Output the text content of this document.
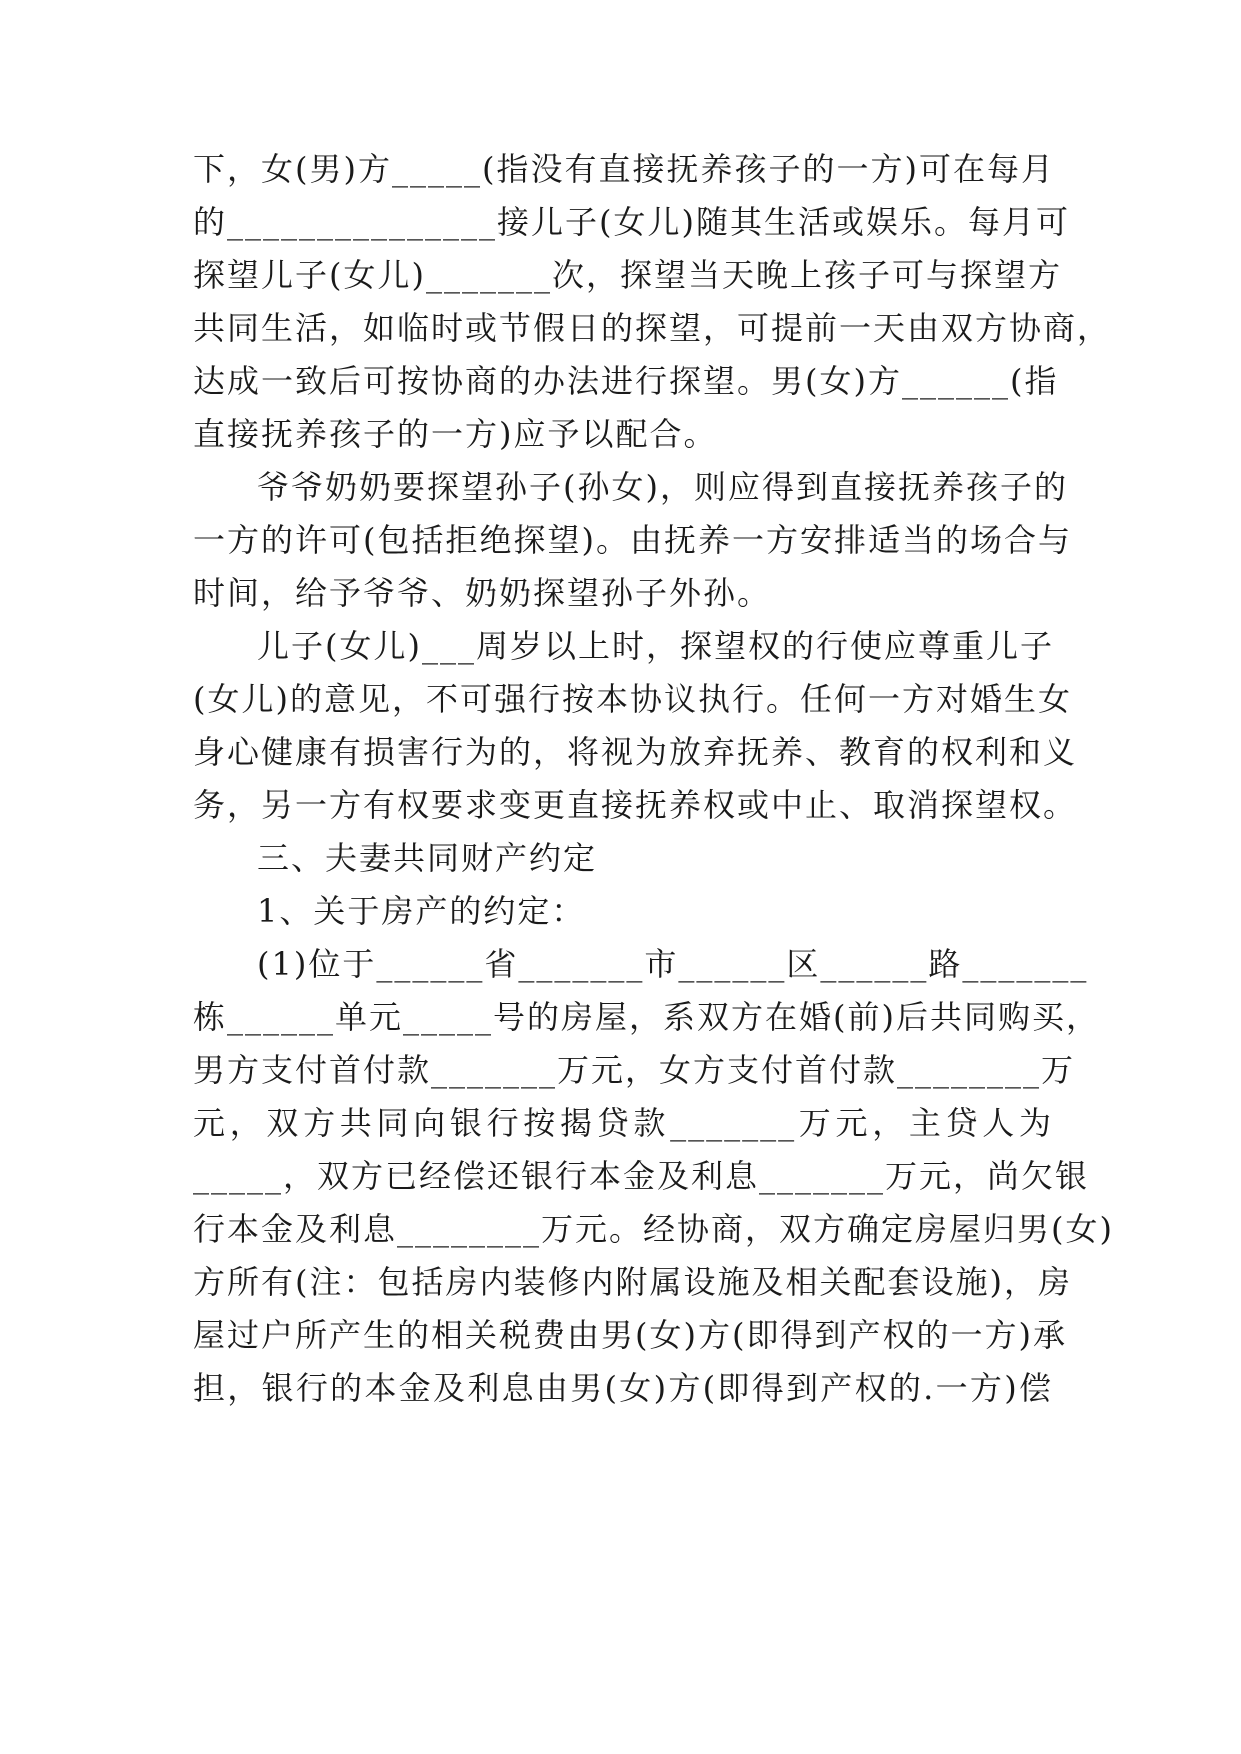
下，女(男)方_____(指没有直接抚养孩子的一方)可在每月
的_______________接儿子(女儿)随其生活或娱乐。每月可
探望儿子(女儿)_______次，探望当天晚上孩子可与探望方
共同生活，如临时或节假日的探望，可提前一天由双方协商，
达成一致后可按协商的办法进行探望。男(女)方______(指
直接抚养孩子的一方)应予以配合。
爷爷奶奶要探望孙子(孙女)，则应得到直接抚养孩子的
一方的许可(包括拒绝探望)。由抚养一方安排适当的场合与
时间，给予爷爷、奶奶探望孙子外孙。
儿子(女儿)___周岁以上时，探望权的行使应尊重儿子
(女儿)的意见，不可强行按本协议执行。任何一方对婚生女
身心健康有损害行为的，将视为放弃抚养、教育的权利和义
务，另一方有权要求变更直接抚养权或中止、取消探望权。
三、夫妻共同财产约定
1、关于房产的约定：
(1)位于______省_______市______区______路_______
栋______单元_____号的房屋，系双方在婚(前)后共同购买，
男方支付首付款_______万元，女方支付首付款________万
元，双方共同向银行按揭贷款_______万元，主贷人为
_____，双方已经偿还银行本金及利息_______万元，尚欠银
行本金及利息________万元。经协商，双方确定房屋归男(女)
方所有(注：包括房内装修内附属设施及相关配套设施)，房
屋过户所产生的相关税费由男(女)方(即得到产权的一方)承
担，银行的本金及利息由男(女)方(即得到产权的.一方)偿
